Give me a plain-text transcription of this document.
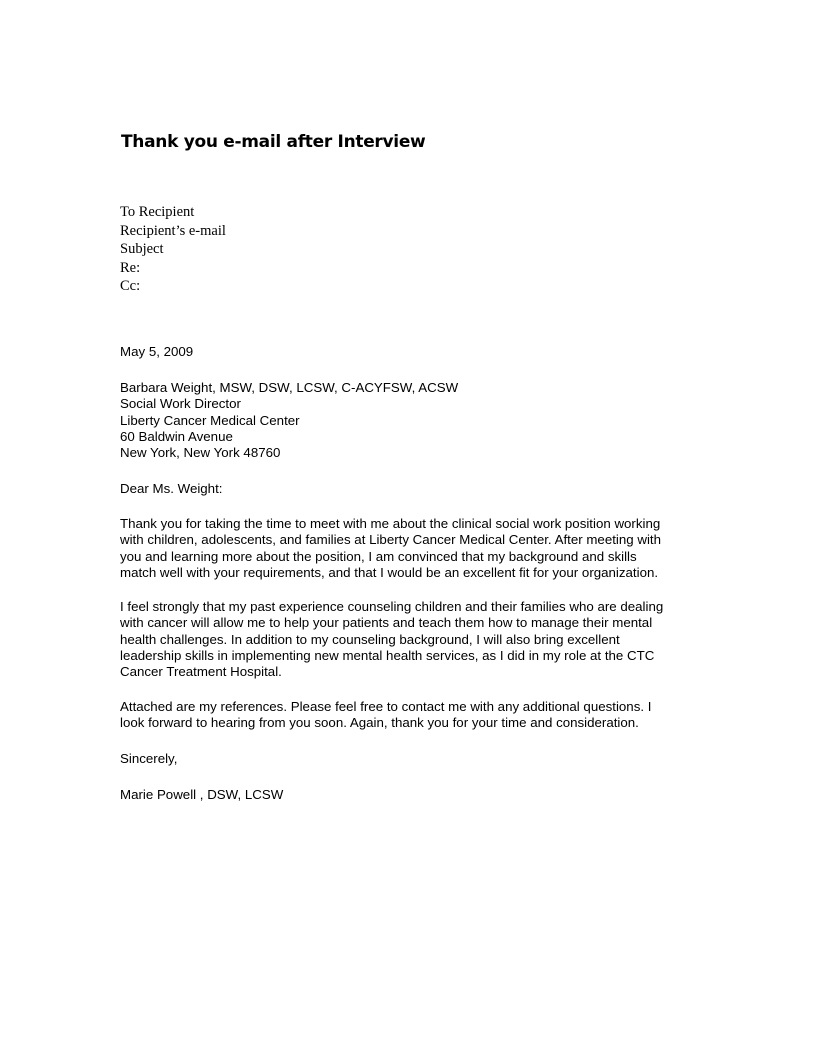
Thank you e-mail after Interview
To Recipient
Recipient’s e-mail
Subject
Re:
Cc:
May 5, 2009
Barbara Weight, MSW, DSW, LCSW, C-ACYFSW, ACSW
Social Work Director
Liberty Cancer Medical Center
60 Baldwin Avenue
New York, New York 48760
Dear Ms. Weight:
Thank you for taking the time to meet with me about the clinical social work position working
with children, adolescents, and families at Liberty Cancer Medical Center. After meeting with
you and learning more about the position, I am convinced that my background and skills
match well with your requirements, and that I would be an excellent fit for your organization.
I feel strongly that my past experience counseling children and their families who are dealing
with cancer will allow me to help your patients and teach them how to manage their mental
health challenges. In addition to my counseling background, I will also bring excellent
leadership skills in implementing new mental health services, as I did in my role at the CTC
Cancer Treatment Hospital.
Attached are my references. Please feel free to contact me with any additional questions. I
look forward to hearing from you soon. Again, thank you for your time and consideration.
Sincerely,
Marie Powell , DSW, LCSW
